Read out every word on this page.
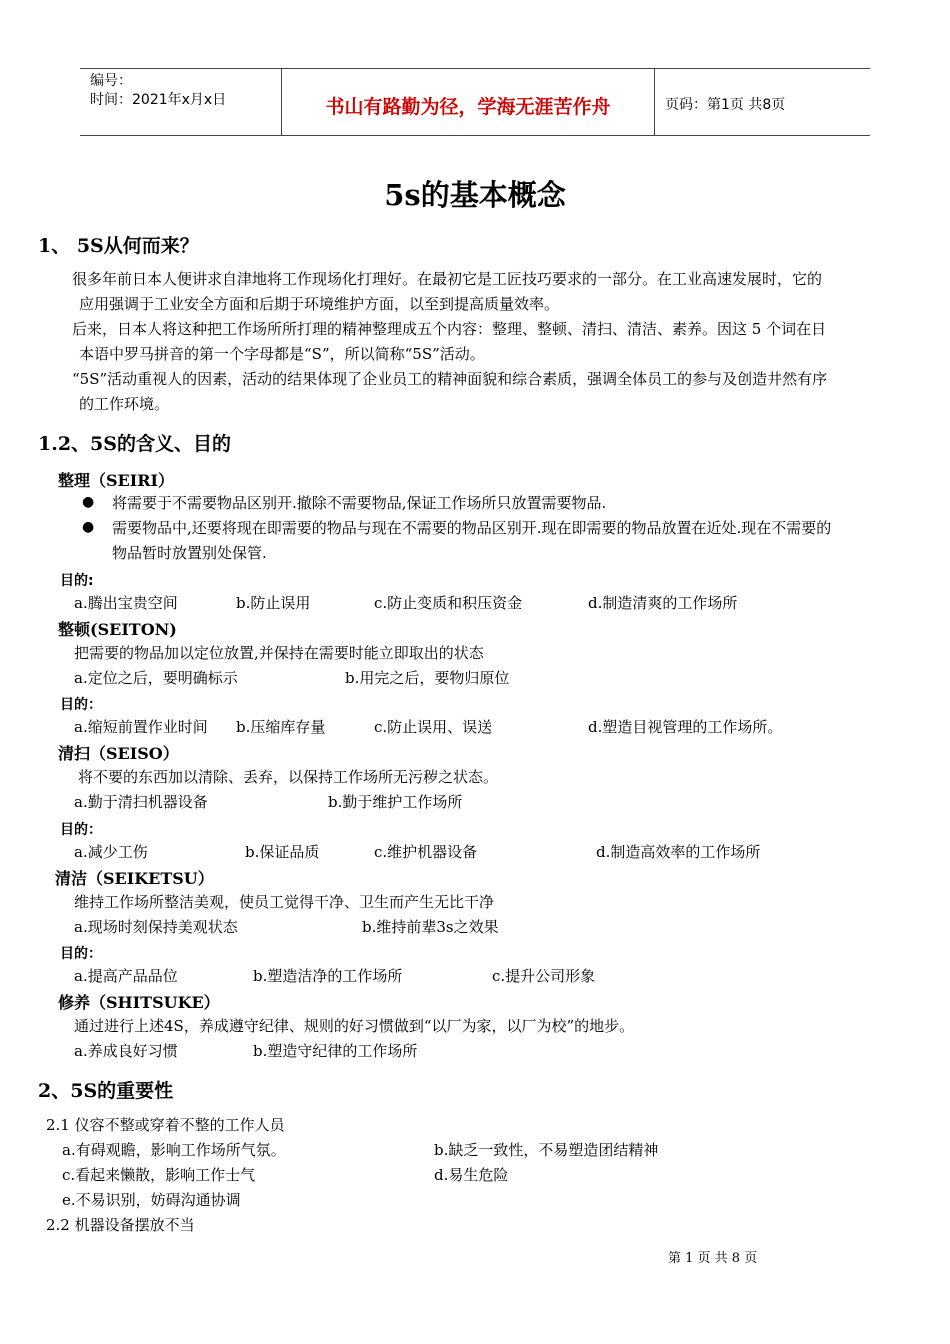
编号：
时间：2021年x月x日	书山有路勤为径，学海无涯苦作舟	页码：第1页 共8页
5s的基本概念
1、 5S从何而来？
很多年前日本人便讲求自津地将工作现场化打理好。在最初它是工匠技巧要求的一部分。在工业高速发展时，它的
应用强调于工业安全方面和后期于环境维护方面，以至到提高质量效率。
后来，日本人将这种把工作场所所打理的精神整理成五个内容：整理、整顿、清扫、清洁、素养。因这 5 个词在日
本语中罗马拼音的第一个字母都是“S”，所以简称“5S”活动。
“5S”活动重视人的因素，活动的结果体现了企业员工的精神面貌和综合素质，强调全体员工的参与及创造井然有序
的工作环境。
1.2、5S的含义、目的
整理（SEIRI）
● 将需要于不需要物品区别开.撤除不需要物品,保证工作场所只放置需要物品.
● 需要物品中,还要将现在即需要的物品与现在不需要的物品区别开.现在即需要的物品放置在近处.现在不需要的
物品暂时放置别处保管.
目的:
a.腾出宝贵空间	b.防止误用	c.防止变质和积压资金	d.制造清爽的工作场所
整顿(SEITON)
把需要的物品加以定位放置,并保持在需要时能立即取出的状态
a.定位之后，要明确标示	b.用完之后，要物归原位
目的：
a.缩短前置作业时间 b.压缩库存量	c.防止误用、误送	d.塑造目视管理的工作场所。
清扫（SEISO）
将不要的东西加以清除、丢弃，以保持工作场所无污秽之状态。
a.勤于清扫机器设备	b.勤于维护工作场所
目的：
a.减少工伤	b.保证品质	c.维护机器设备	d.制造高效率的工作场所
清洁（SEIKETSU）
维持工作场所整洁美观，使员工觉得干净、卫生而产生无比干净
a.现场时刻保持美观状态	b.维持前辈3s之效果
目的：
a.提高产品品位	b.塑造洁净的工作场所	c.提升公司形象
修养（SHITSUKE）
通过进行上述4S，养成遵守纪律、规则的好习惯做到“以厂为家，以厂为校”的地步。
a.养成良好习惯	b.塑造守纪律的工作场所
2、5S的重要性
2.1 仪容不整或穿着不整的工作人员
a.有碍观瞻，影响工作场所气氛。	b.缺乏一致性，不易塑造团结精神
c.看起来懒散，影响工作士气	d.易生危险
e.不易识别，妨碍沟通协调
2.2 机器设备摆放不当
第 1 页 共 8 页
